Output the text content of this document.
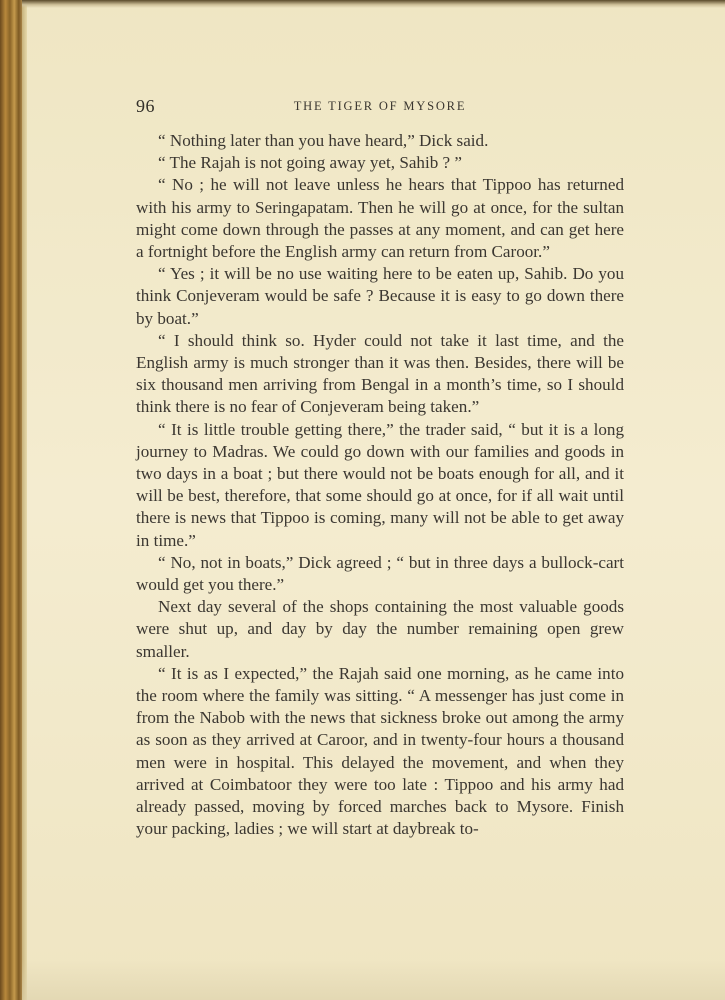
96	THE TIGER OF MYSORE

“ Nothing later than you have heard,” Dick said.

“ The Rajah is not going away yet, Sahib ? ”

“ No ; he will not leave unless he hears that Tippoo has returned with his army to Seringapatam. Then he will go at once, for the sultan might come down through the passes at any moment, and can get here a fortnight before the English army can return from Caroor.”

“ Yes ; it will be no use waiting here to be eaten up, Sahib. Do you think Conjeveram would be safe ? Because it is easy to go down there by boat.”

“ I should think so. Hyder could not take it last time, and the English army is much stronger than it was then. Besides, there will be six thousand men arriving from Bengal in a month’s time, so I should think there is no fear of Conjeveram being taken.”

“ It is little trouble getting there,” the trader said, “ but it is a long journey to Madras. We could go down with our families and goods in two days in a boat ; but there would not be boats enough for all, and it will be best, therefore, that some should go at once, for if all wait until there is news that Tippoo is coming, many will not be able to get away in time.”

“ No, not in boats,” Dick agreed ; “ but in three days a bullock-cart would get you there.”

Next day several of the shops containing the most valuable goods were shut up, and day by day the number remaining open grew smaller.

“ It is as I expected,” the Rajah said one morning, as he came into the room where the family was sitting. “ A messenger has just come in from the Nabob with the news that sickness broke out among the army as soon as they arrived at Caroor, and in twenty-four hours a thousand men were in hospital. This delayed the movement, and when they arrived at Coimbatoor they were too late : Tippoo and his army had already passed, moving by forced marches back to Mysore. Finish your packing, ladies ; we will start at daybreak to-
